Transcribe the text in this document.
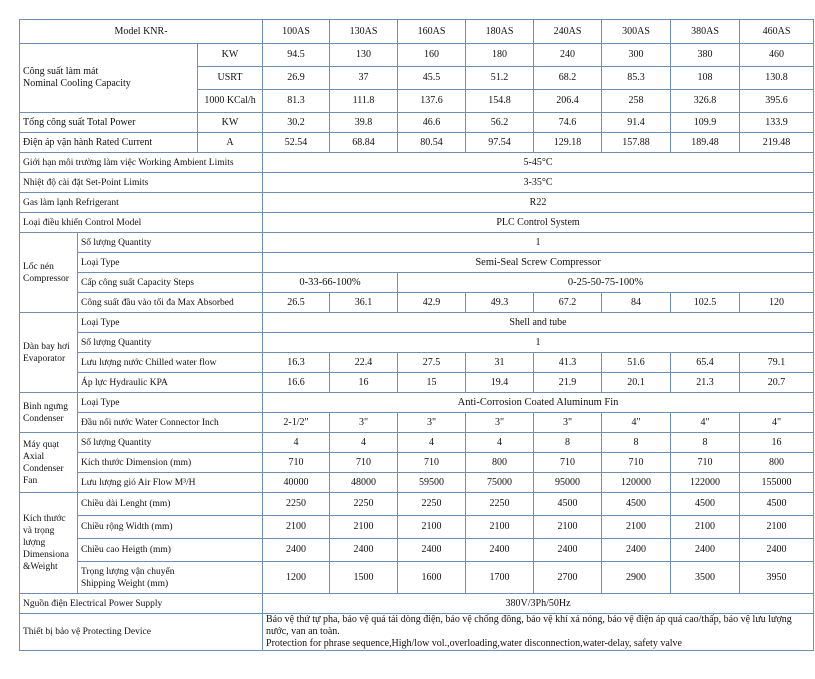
Model KNR-			100AS	130AS	160AS	180AS	240AS	300AS	380AS	460AS
Công suất làm mát
Nominal Cooling Capacity		KW	94.5	130	160	180	240	300	380	460
		USRT	26.9	37	45.5	51.2	68.2	85.3	108	130.8
		1000 KCal/h	81.3	111.8	137.6	154.8	206.4	258	326.8	395.6
Tổng công suất Total Power		KW	30.2	39.8	46.6	56.2	74.6	91.4	109.9	133.9
Điện áp vận hành Rated Current		A	52.54	68.84	80.54	97.54	129.18	157.88	189.48	219.48
Giới hạn môi trường làm việc Working Ambient Limits			5-45°C							
Nhiệt độ cài đặt Set-Point Limits			3-35°C							
Gas làm lạnh Refrigerant			R22							
Loại điều khiển Control Model			PLC Control System							
Lốc nén
Compressor	Số lượng Quantity		1							
	Loại Type		Semi-Seal Screw Compressor							
	Cấp công suất Capacity Steps		0-33-66-100%		0-25-50-75-100%					
	Công suất đầu vào tối đa Max Absorbed		26.5	36.1	42.9	49.3	67.2	84	102.5	120
Dàn bay hơi
Evaporator	Loại Type		Shell and tube							
	Số lượng Quantity		1							
	Lưu lượng nước Chilled water flow		16.3	22.4	27.5	31	41.3	51.6	65.4	79.1
	Áp lực Hydraulic KPA		16.6	16	15	19.4	21.9	20.1	21.3	20.7
Bình ngưng
Condenser	Loại Type		Anti-Corrosion Coated Aluminum Fin							
	Đầu nối nước Water Connector Inch		2-1/2"	3"	3"	3"	3"	4"	4"	4"
Máy quạt
Axial
Condenser
Fan	Số lượng Quantity		4	4	4	4	8	8	8	16
	Kích thước Dimension (mm)		710	710	710	800	710	710	710	800
	Lưu lượng gió Air Flow M³/H		40000	48000	59500	75000	95000	120000	122000	155000
Kích thước
và trọng lượng
Dimensiona
&Weight	Chiều dài Lenght (mm)		2250	2250	2250	2250	4500	4500	4500	4500
	Chiều rộng Width (mm)		2100	2100	2100	2100	2100	2100	2100	2100
	Chiều cao Heigth (mm)		2400	2400	2400	2400	2400	2400	2400	2400
	Trọng lượng vận chuyển
Shipping Weight (mm)		1200	1500	1600	1700	2700	2900	3500	3950
Nguồn điện Electrical Power Supply			380V/3Ph/50Hz							
Thiết bị bảo vệ Protecting Device			Bảo vệ thứ tự pha, bảo vệ quá tải dòng điện, bảo vệ chống đông, bảo vệ khí xả nóng, bảo vệ điện áp quá cao/thấp, bảo vệ lưu lượng nước, van an toàn.
Protection for phrase sequence,High/low vol.,overloading,water disconnection,water-delay, safety valve							
